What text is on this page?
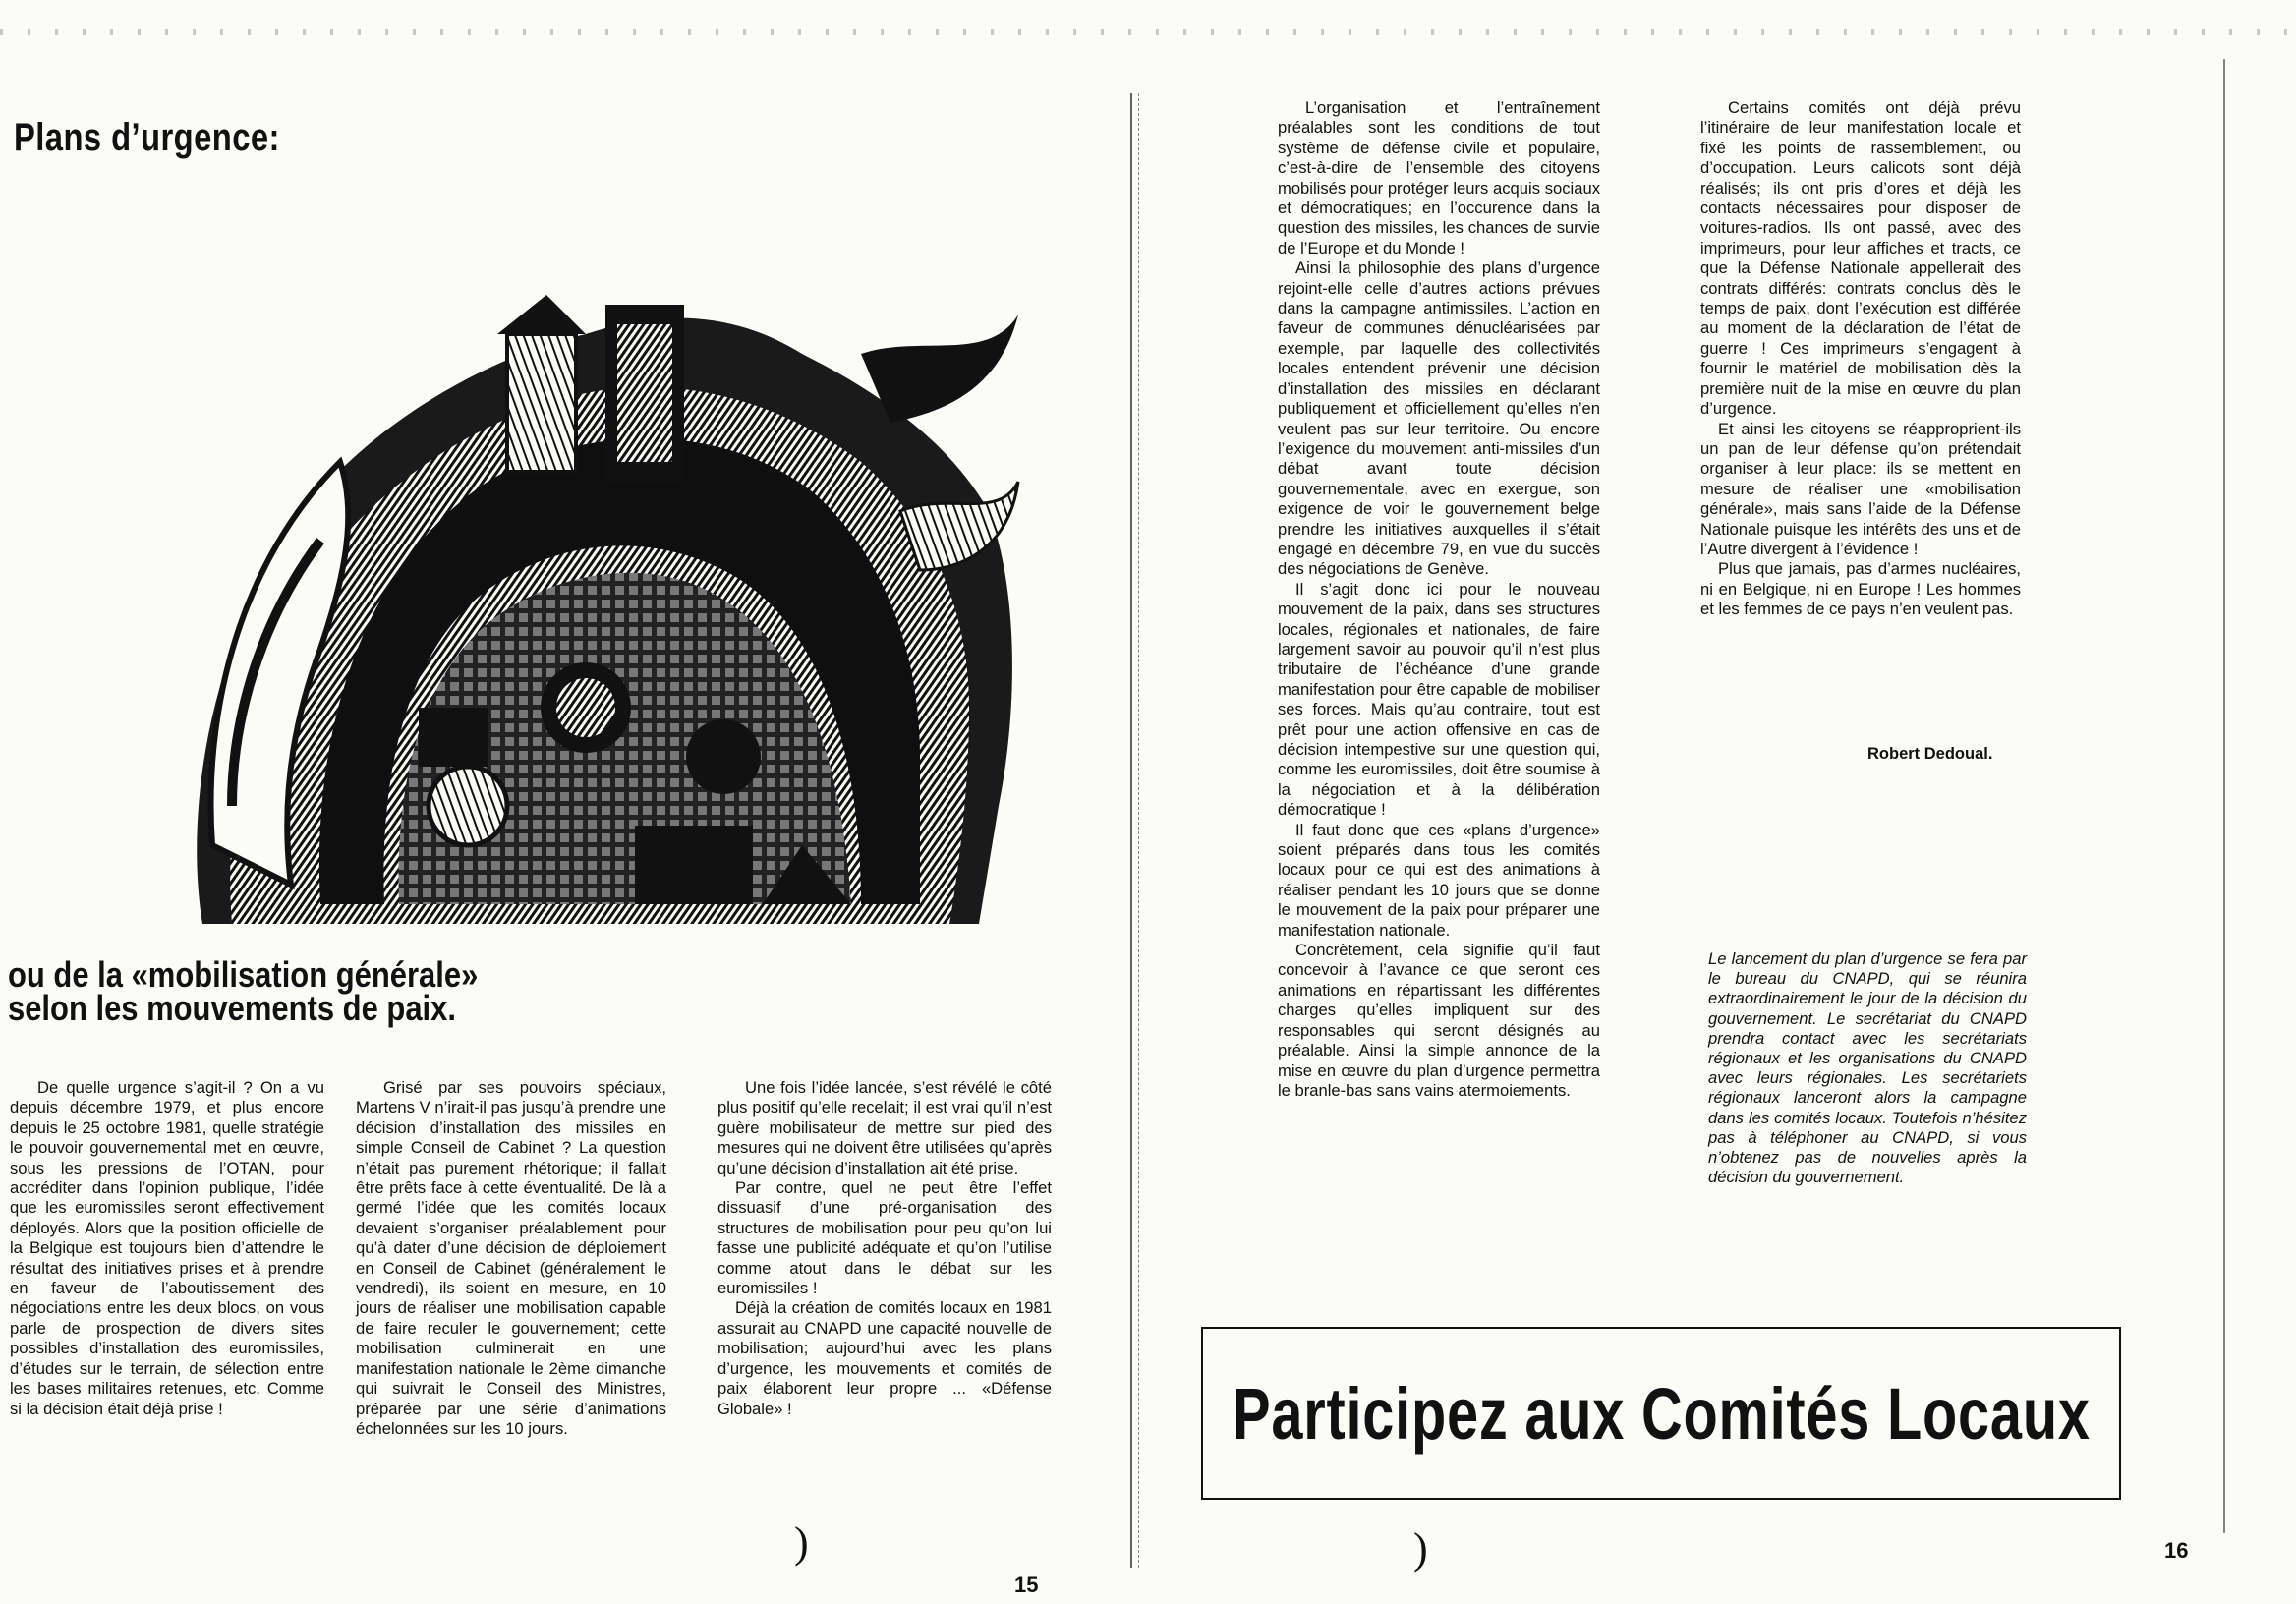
Plans d’urgence:
ou de la «mobilisation générale»
selon les mouvements de paix.

De quelle urgence s’agit-il ? On a vu depuis décembre 1979, et plus encore depuis le 25 octobre 1981, quelle stratégie le pouvoir gouvernemental met en œuvre, sous les pressions de l’OTAN, pour accréditer dans l’opinion publique, l’idée que les euromissiles seront effectivement déployés. Alors que la position officielle de la Belgique est toujours bien d’attendre le résultat des initiatives prises et à prendre en faveur de l’aboutissement des négociations entre les deux blocs, on vous parle de prospection de divers sites possibles d’installation des euromissiles, d’études sur le terrain, de sélection entre les bases militaires retenues, etc. Comme si la décision était déjà prise !

Grisé par ses pouvoirs spéciaux, Martens V n’irait-il pas jusqu’à prendre une décision d’installation des missiles en simple Conseil de Cabinet ? La question n’était pas purement rhétorique; il fallait être prêts face à cette éventualité. De là a germé l’idée que les comités locaux devaient s’organiser préalablement pour qu’à dater d’une décision de déploiement en Conseil de Cabinet (généralement le vendredi), ils soient en mesure, en 10 jours de réaliser une mobilisation capable de faire reculer le gouvernement; cette mobilisation culminerait en une manifestation nationale le 2ème dimanche qui suivrait le Conseil des Ministres, préparée par une série d’animations échelonnées sur les 10 jours.

Une fois l’idée lancée, s’est révélé le côté plus positif qu’elle recelait; il est vrai qu’il n’est guère mobilisateur de mettre sur pied des mesures qui ne doivent être utilisées qu’après qu’une décision d’installation ait été prise.

Par contre, quel ne peut être l’effet dissuasif d’une pré-organisation des structures de mobilisation pour peu qu’on lui fasse une publicité adéquate et qu’on l’utilise comme atout dans le débat sur les euromissiles !

Déjà la création de comités locaux en 1981 assurait au CNAPD une capacité nouvelle de mobilisation; aujourd’hui avec les plans d’urgence, les mouvements et comités de paix élaborent leur propre ... «Défense Globale» !

)
15

L’organisation et l’entraînement préalables sont les conditions de tout système de défense civile et populaire, c’est-à-dire de l’ensemble des citoyens mobilisés pour protéger leurs acquis sociaux et démocratiques; en l’occurence dans la question des missiles, les chances de survie de l’Europe et du Monde !

Ainsi la philosophie des plans d’urgence rejoint-elle celle d’autres actions prévues dans la campagne antimissiles. L’action en faveur de communes dénucléarisées par exemple, par laquelle des collectivités locales entendent prévenir une décision d’installation des missiles en déclarant publiquement et officiellement qu’elles n’en veulent pas sur leur territoire. Ou encore l’exigence du mouvement anti-missiles d’un débat avant toute décision gouvernementale, avec en exergue, son exigence de voir le gouvernement belge prendre les initiatives auxquelles il s’était engagé en décembre 79, en vue du succès des négociations de Genève.

Il s’agit donc ici pour le nouveau mouvement de la paix, dans ses structures locales, régionales et nationales, de faire largement savoir au pouvoir qu’il n’est plus tributaire de l’échéance d’une grande manifestation pour être capable de mobiliser ses forces. Mais qu’au contraire, tout est prêt pour une action offensive en cas de décision intempestive sur une question qui, comme les euromissiles, doit être soumise à la négociation et à la délibération démocratique !

Il faut donc que ces «plans d’urgence» soient préparés dans tous les comités locaux pour ce qui est des animations à réaliser pendant les 10 jours que se donne le mouvement de la paix pour préparer une manifestation nationale.

Concrètement, cela signifie qu’il faut concevoir à l’avance ce que seront ces animations en répartissant les différentes charges qu’elles impliquent sur des responsables qui seront désignés au préalable. Ainsi la simple annonce de la mise en œuvre du plan d’urgence permettra le branle-bas sans vains atermoiements.

Certains comités ont déjà prévu l’itinéraire de leur manifestation locale et fixé les points de rassemblement, ou d’occupation. Leurs calicots sont déjà réalisés; ils ont pris d’ores et déjà les contacts nécessaires pour disposer de voitures-radios. Ils ont passé, avec des imprimeurs, pour leur affiches et tracts, ce que la Défense Nationale appellerait des contrats différés: contrats conclus dès le temps de paix, dont l’exécution est différée au moment de la déclaration de l’état de guerre ! Ces imprimeurs s’engagent à fournir le matériel de mobilisation dès la première nuit de la mise en œuvre du plan d’urgence.

Et ainsi les citoyens se réapproprient-ils un pan de leur défense qu’on prétendait organiser à leur place: ils se mettent en mesure de réaliser une «mobilisation générale», mais sans l’aide de la Défense Nationale puisque les intérêts des uns et de l’Autre divergent à l’évidence !

Plus que jamais, pas d’armes nucléaires, ni en Belgique, ni en Europe ! Les hommes et les femmes de ce pays n’en veulent pas.

Robert Dedoual.
Le lancement du plan d’urgence se fera par le bureau du CNAPD, qui se réunira extraordinairement le jour de la décision du gouvernement. Le secrétariat du CNAPD prendra contact avec les secrétariats régionaux et les organisations du CNAPD avec leurs régionales. Les secrétariets régionaux lanceront alors la campagne dans les comités locaux. Toutefois n’hésitez pas à téléphoner au CNAPD, si vous n’obtenez pas de nouvelles après la décision du gouvernement.
Participez aux Comités Locaux
)	16
